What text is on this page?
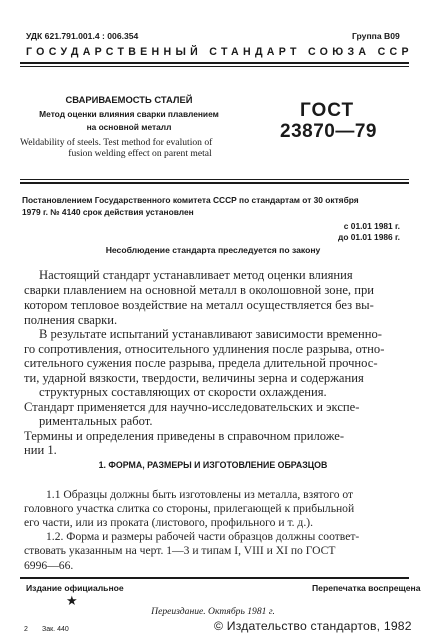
УДК 621.791.001.4 : 006.354	Группа В09
ГОСУДАРСТВЕННЫЙ СТАНДАРТ СОЮЗА ССР
СВАРИВАЕМОСТЬ СТАЛЕЙ
Метод оценки влияния сварки плавлением
на основной металл
Weldability of steels. Test method for evalution of
fusion welding effect on parent metal
ГОСТ
23870—79
Постановлением Государственного комитета СССР по стандартам от 30 октября
1979 г. № 4140 срок действия установлен
с 01.01 1981 г.
до 01.01 1986 г.
Несоблюдение стандарта преследуется по закону
Настоящий стандарт устанавливает метод оценки влияния
сварки плавлением на основной металл в околошовной зоне, при
котором тепловое воздействие на металл осуществляется без вы-
полнения сварки.
В результате испытаний устанавливают зависимости временно-
го сопротивления, относительного удлинения после разрыва, отно-
сительного сужения после разрыва, предела длительной прочнос-
ти, ударной вязкости, твердости, величины зерна и содержания
структурных составляющих от скорости охлаждения.
Стандарт применяется для научно-исследовательских и экспе-
риментальных работ.
Термины и определения приведены в справочном приложе-
нии 1.
1. ФОРМА, РАЗМЕРЫ И ИЗГОТОВЛЕНИЕ ОБРАЗЦОВ
1.1 Образцы должны быть изготовлены из металла, взятого от
головного участка слитка со стороны, прилегающей к прибыльной
его части, или из проката (листового, профильного и т. д.).
1.2. Форма и размеры рабочей части образцов должны соответ-
ствовать указанным на черт. 1—3 и типам I, VIII и XI по ГОСТ
6996—66.
Издание официальное	Перепечатка воспрещена
★
Переиздание. Октябрь 1981 г.
2 Зак. 440	© Издательство стандартов, 1982
